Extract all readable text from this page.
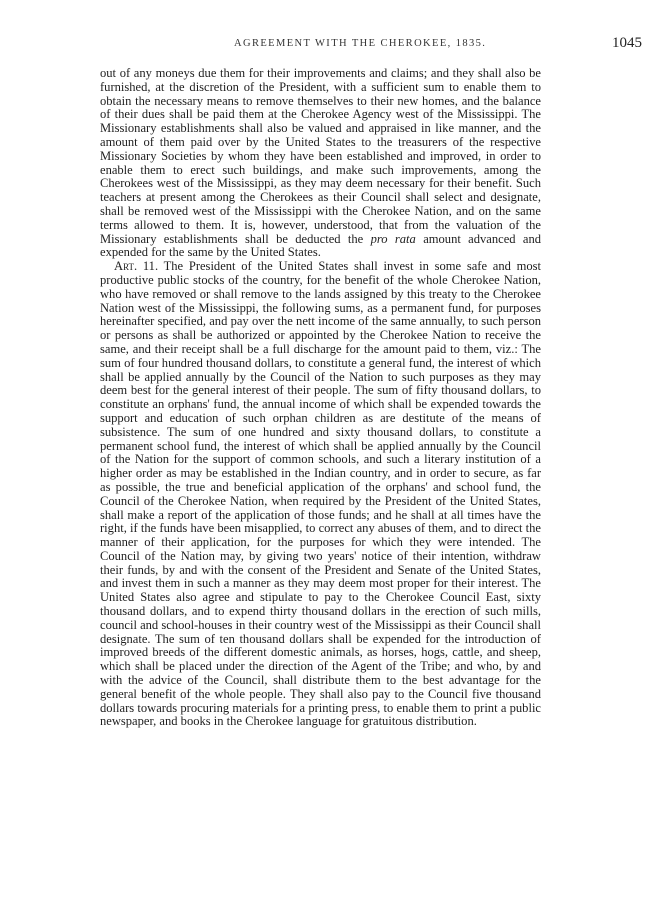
AGREEMENT WITH THE CHEROKEE, 1835.	1045

out of any moneys due them for their improvements and claims; and they shall also be furnished, at the discretion of the President, with a sufficient sum to enable them to obtain the necessary means to remove themselves to their new homes, and the balance of their dues shall be paid them at the Cherokee Agency west of the Mississippi. The Missionary establishments shall also be valued and appraised in like manner, and the amount of them paid over by the United States to the treasurers of the respective Missionary Societies by whom they have been established and improved, in order to enable them to erect such buildings, and make such improvements, among the Cherokees west of the Mississippi, as they may deem necessary for their benefit. Such teachers at present among the Cherokees as their Council shall select and designate, shall be removed west of the Mississippi with the Cherokee Nation, and on the same terms allowed to them. It is, however, understood, that from the valuation of the Missionary establishments shall be deducted the pro rata amount advanced and expended for the same by the United States.

Art. 11. The President of the United States shall invest in some safe and most productive public stocks of the country, for the benefit of the whole Cherokee Nation, who have removed or shall remove to the lands assigned by this treaty to the Cherokee Nation west of the Mississippi, the following sums, as a permanent fund, for purposes hereinafter specified, and pay over the nett income of the same annually, to such person or persons as shall be authorized or appointed by the Cherokee Nation to receive the same, and their receipt shall be a full discharge for the amount paid to them, viz.: The sum of four hundred thousand dollars, to constitute a general fund, the interest of which shall be applied annually by the Council of the Nation to such purposes as they may deem best for the general interest of their people. The sum of fifty thousand dollars, to constitute an orphans' fund, the annual income of which shall be expended towards the support and education of such orphan children as are destitute of the means of subsistence. The sum of one hundred and sixty thousand dollars, to constitute a permanent school fund, the interest of which shall be applied annually by the Council of the Nation for the support of common schools, and such a literary institution of a higher order as may be established in the Indian country, and in order to secure, as far as possible, the true and beneficial application of the orphans' and school fund, the Council of the Cherokee Nation, when required by the President of the United States, shall make a report of the application of those funds; and he shall at all times have the right, if the funds have been misapplied, to correct any abuses of them, and to direct the manner of their application, for the purposes for which they were intended. The Council of the Nation may, by giving two years' notice of their intention, withdraw their funds, by and with the consent of the President and Senate of the United States, and invest them in such a manner as they may deem most proper for their interest. The United States also agree and stipulate to pay to the Cherokee Council East, sixty thousand dollars, and to expend thirty thousand dollars in the erection of such mills, council and school-houses in their country west of the Mississippi as their Council shall designate. The sum of ten thousand dollars shall be expended for the introduction of improved breeds of the different domestic animals, as horses, hogs, cattle, and sheep, which shall be placed under the direction of the Agent of the Tribe; and who, by and with the advice of the Council, shall distribute them to the best advantage for the general benefit of the whole people. They shall also pay to the Council five thousand dollars towards procuring materials for a printing press, to enable them to print a public newspaper, and books in the Cherokee language for gratuitous distribution.
